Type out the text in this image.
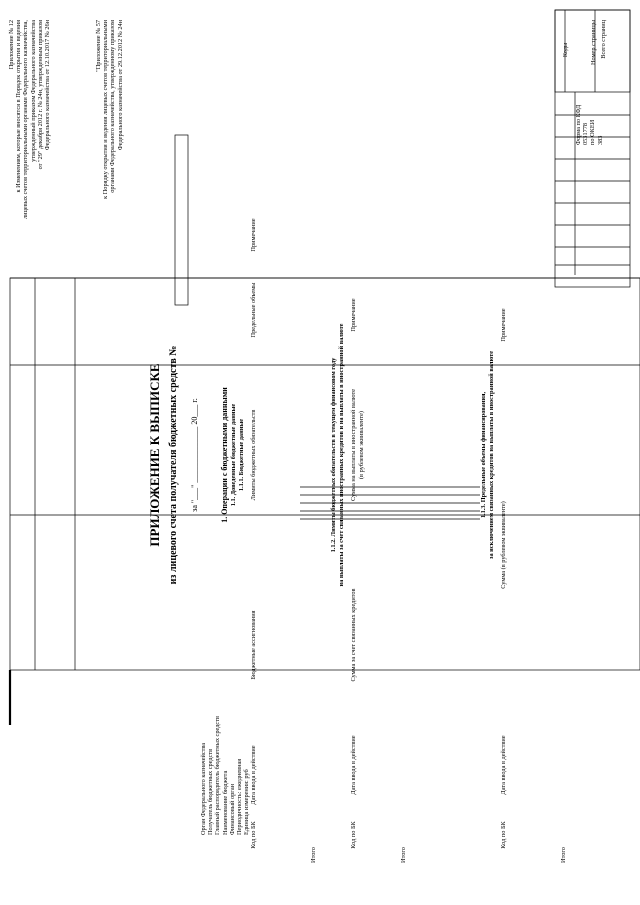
Приложение № 12 к Изменениям, которые вносятся в Порядок открытия и ведения лицевых счетов территориальными органами Федерального казначейства, утвержденный приказом Федерального казначейства от "29" декабря 2012 г. № 24н, утвержденным приказом Федерального казначейства от 12.10.2017 № 26н	"Приложение № 57 к Порядку открытия и ведения лицевых счетов территориальными органами Федерального казначейства, утвержденному приказом Федерального казначейства от 29.12.2012 № 24н
ПРИЛОЖЕНИЕ К ВЫПИСКЕ из лицевого счета получателя бюджетных средств № за "___" ______________ 20___ г.
Орган Федерального казначейства Получатель бюджетных средств Главный распорядитель бюджетных средств Наименование бюджета Финансовый орган Периодичность: ежедневная Единица измерения: руб
Коды
Форма по КФД 0531778 по ОКЕИ 383
1. Операции с бюджетными данными 1.1. Доведенные бюджетные данные 1.1.1. Бюджетные данные
Код по БК
Дата ввода в действие
Бюджетные ассигнования
Лимиты бюджетных обязательств
Предельные объемы
Примечание
Итого
1.1.2. Лимиты бюджетных обязательств в текущем финансовом году на выплаты за счет связанных иностранных кредитов и на выплаты в иностранной валюте
Код по БК
Дата ввода в действие
Сумма за счет связанных кредитов
Сумма на выплаты в иностранной валюте (в рублевом эквиваленте)
Примечание
Итого
1.1.3. Предельные объемы финансирования, за исключением связанных кредитов на выплаты в иностранной валюте
Код по БК
Дата ввода в действие
Сумма (в рублевом эквиваленте)
Примечание
Итого
Номер страницы Всего страниц
